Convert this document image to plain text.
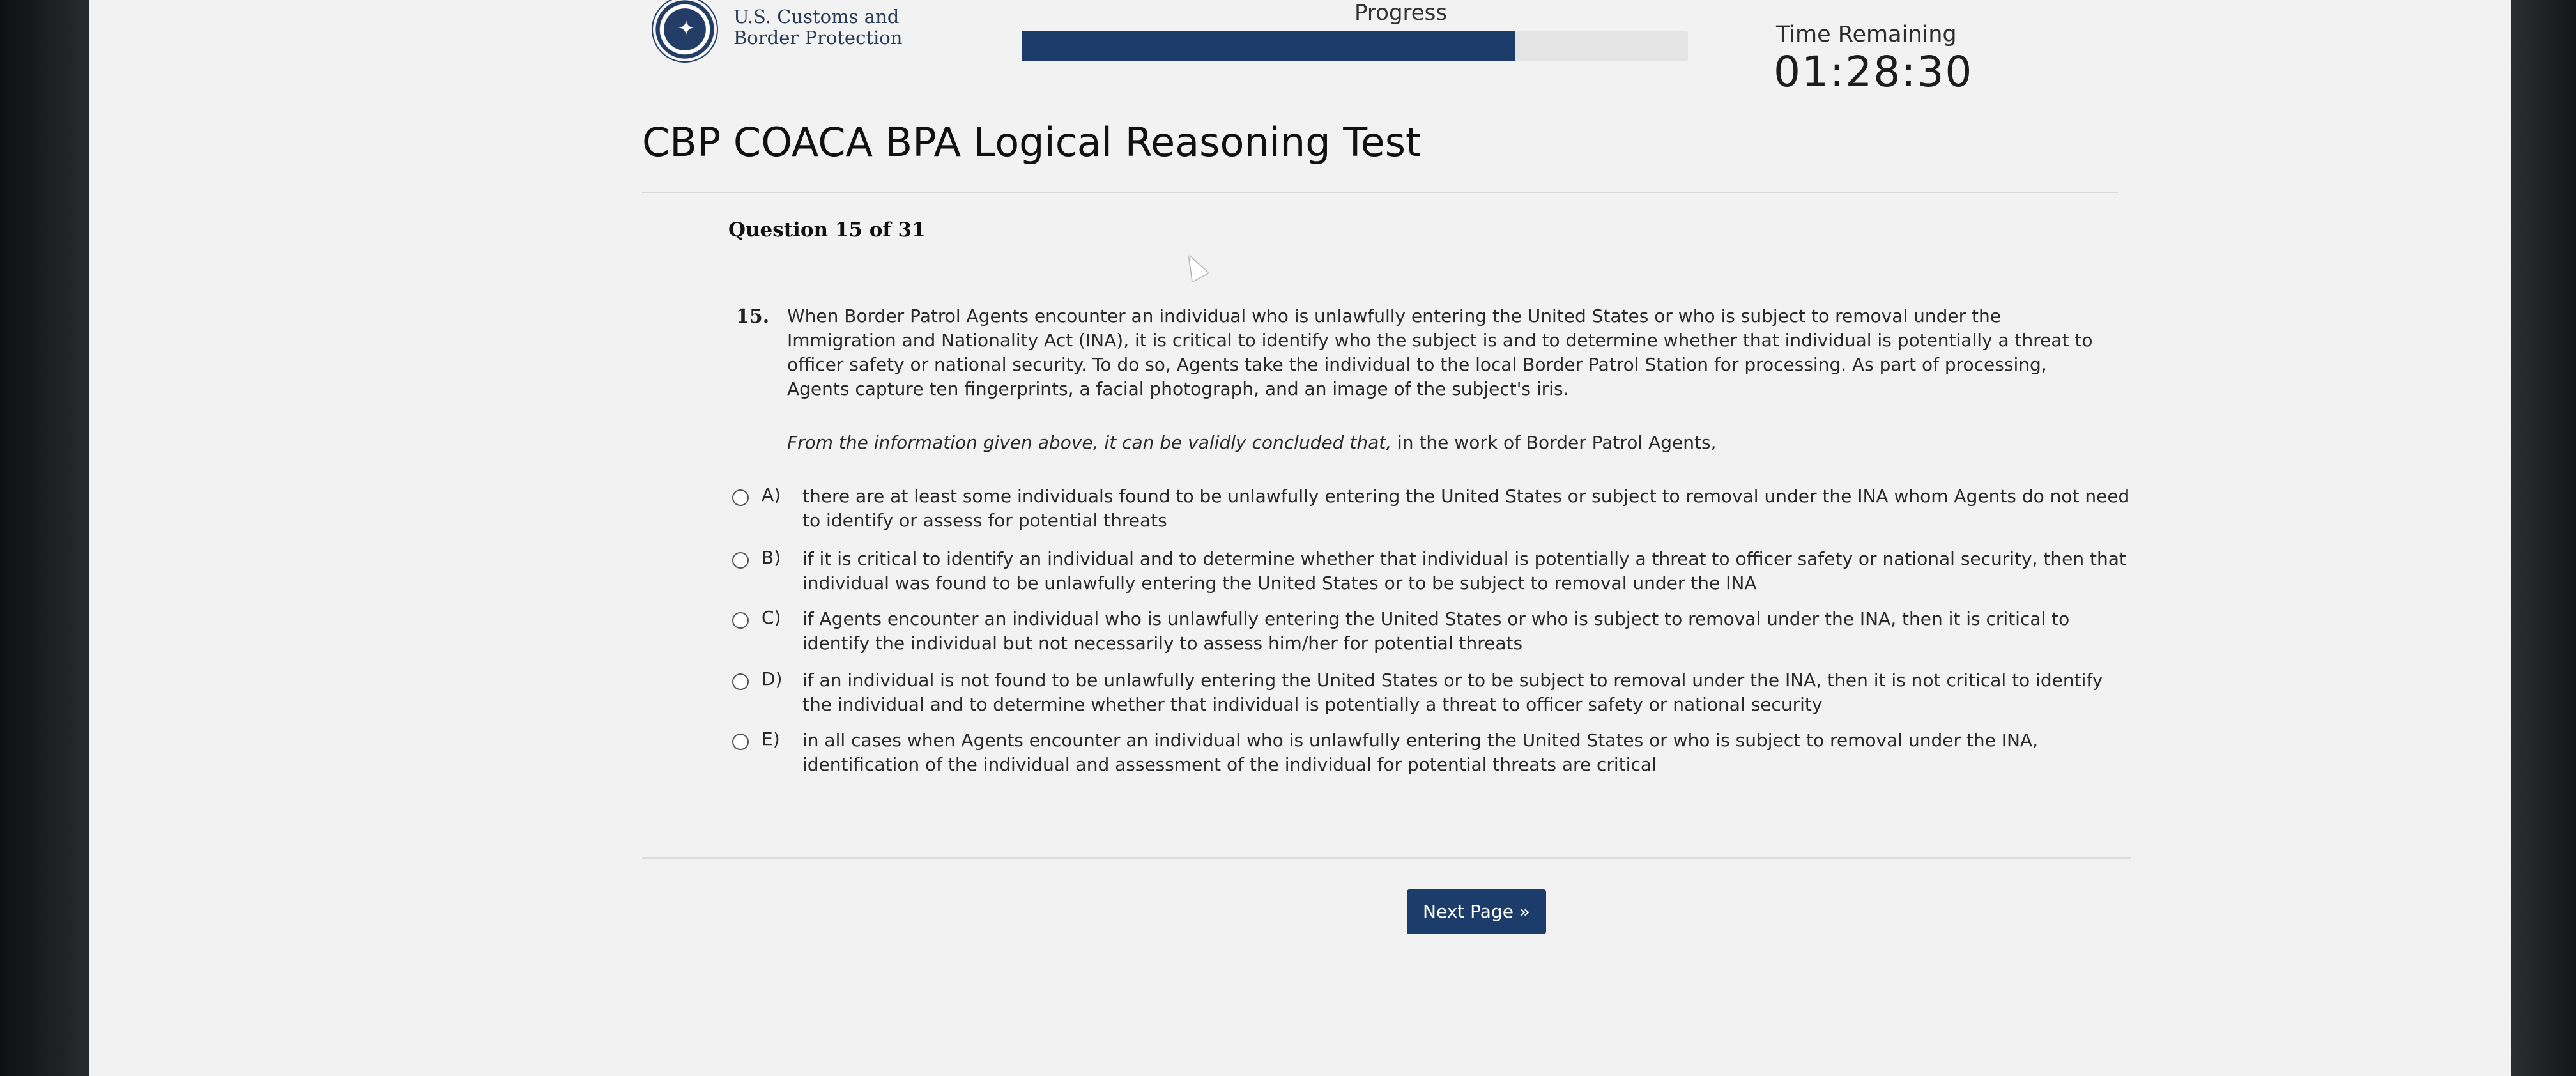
✦ U.S. Customs and
Border Protection
Progress
Time Remaining
01:28:30
CBP COACA BPA Logical Reasoning Test
Question 15 of 31
15. When Border Patrol Agents encounter an individual who is unlawfully entering the United States or who is subject to removal under the Immigration and Nationality Act (INA), it is critical to identify who the subject is and to determine whether that individual is potentially a threat to officer safety or national security. To do so, Agents take the individual to the local Border Patrol Station for processing. As part of processing, Agents capture ten fingerprints, a facial photograph, and an image of the subject's iris.
From the information given above, it can be validly concluded that, in the work of Border Patrol Agents,
A) there are at least some individuals found to be unlawfully entering the United States or subject to removal under the INA whom Agents do not need to identify or assess for potential threats
B) if it is critical to identify an individual and to determine whether that individual is potentially a threat to officer safety or national security, then that individual was found to be unlawfully entering the United States or to be subject to removal under the INA
C) if Agents encounter an individual who is unlawfully entering the United States or who is subject to removal under the INA, then it is critical to identify the individual but not necessarily to assess him/her for potential threats
D) if an individual is not found to be unlawfully entering the United States or to be subject to removal under the INA, then it is not critical to identify the individual and to determine whether that individual is potentially a threat to officer safety or national security
E) in all cases when Agents encounter an individual who is unlawfully entering the United States or who is subject to removal under the INA, identification of the individual and assessment of the individual for potential threats are critical
Next Page »
